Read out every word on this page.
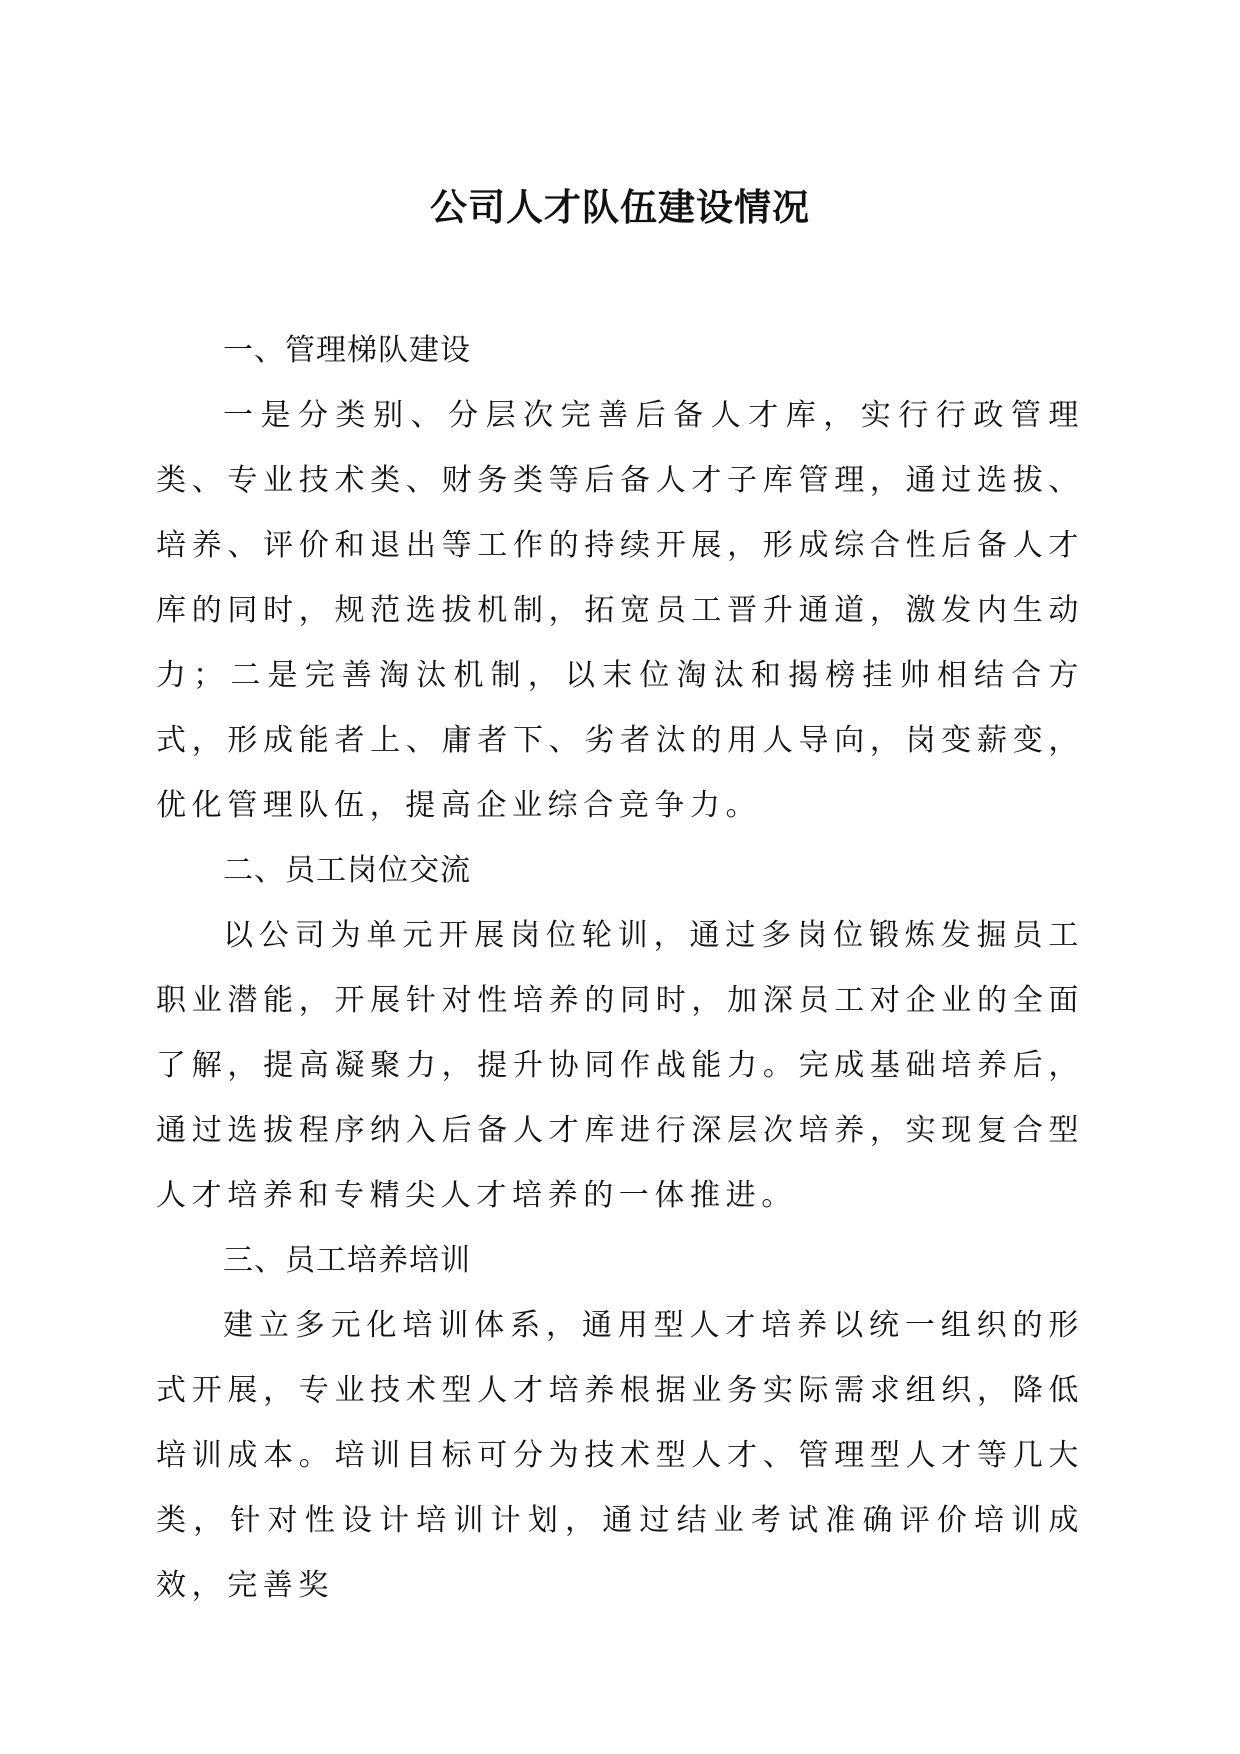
公司人才队伍建设情况

一、管理梯队建设

一是分类别、分层次完善后备人才库，实行行政管理类、专业技术类、财务类等后备人才子库管理，通过选拔、培养、评价和退出等工作的持续开展，形成综合性后备人才库的同时，规范选拔机制，拓宽员工晋升通道，激发内生动力；二是完善淘汰机制，以末位淘汰和揭榜挂帅相结合方式，形成能者上、庸者下、劣者汰的用人导向，岗变薪变，优化管理队伍，提高企业综合竞争力。

二、员工岗位交流

以公司为单元开展岗位轮训，通过多岗位锻炼发掘员工职业潜能，开展针对性培养的同时，加深员工对企业的全面了解，提高凝聚力，提升协同作战能力。完成基础培养后，通过选拔程序纳入后备人才库进行深层次培养，实现复合型人才培养和专精尖人才培养的一体推进。

三、员工培养培训

建立多元化培训体系，通用型人才培养以统一组织的形式开展，专业技术型人才培养根据业务实际需求组织，降低培训成本。培训目标可分为技术型人才、管理型人才等几大类，针对性设计培训计划，通过结业考试准确评价培训成效，完善奖
